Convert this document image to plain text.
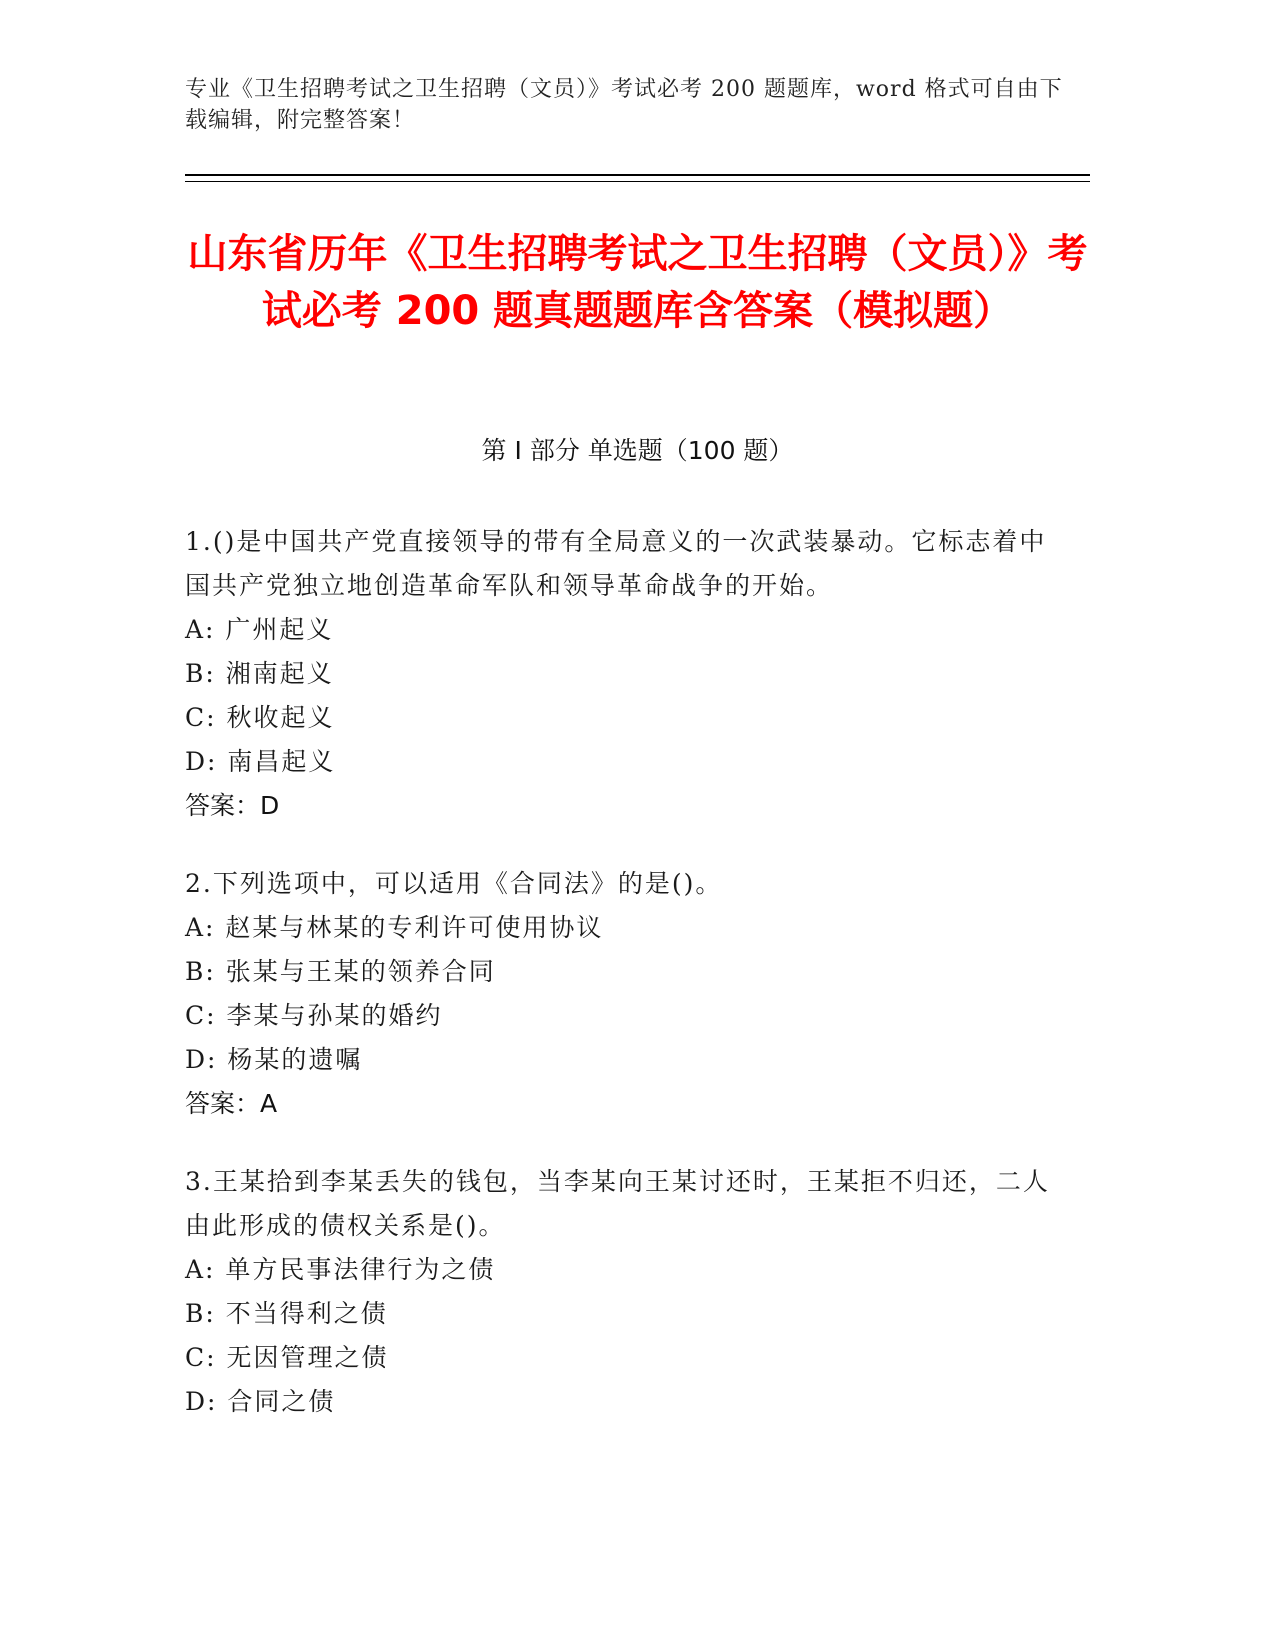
专业《卫生招聘考试之卫生招聘（文员）》考试必考 200 题题库，word 格式可自由下载编辑，附完整答案！
山东省历年《卫生招聘考试之卫生招聘（文员）》考试必考 200 题真题题库含答案（模拟题）
第 I 部分 单选题（100 题）

1.()是中国共产党直接领导的带有全局意义的一次武装暴动。它标志着中国共产党独立地创造革命军队和领导革命战争的开始。

A: 广州起义

B: 湘南起义

C: 秋收起义

D: 南昌起义

答案：D

2.下列选项中，可以适用《合同法》的是()。

A: 赵某与林某的专利许可使用协议

B: 张某与王某的领养合同

C: 李某与孙某的婚约

D: 杨某的遗嘱

答案：A

3.王某拾到李某丢失的钱包，当李某向王某讨还时，王某拒不归还，二人由此形成的债权关系是()。

A: 单方民事法律行为之债

B: 不当得利之债

C: 无因管理之债

D: 合同之债
